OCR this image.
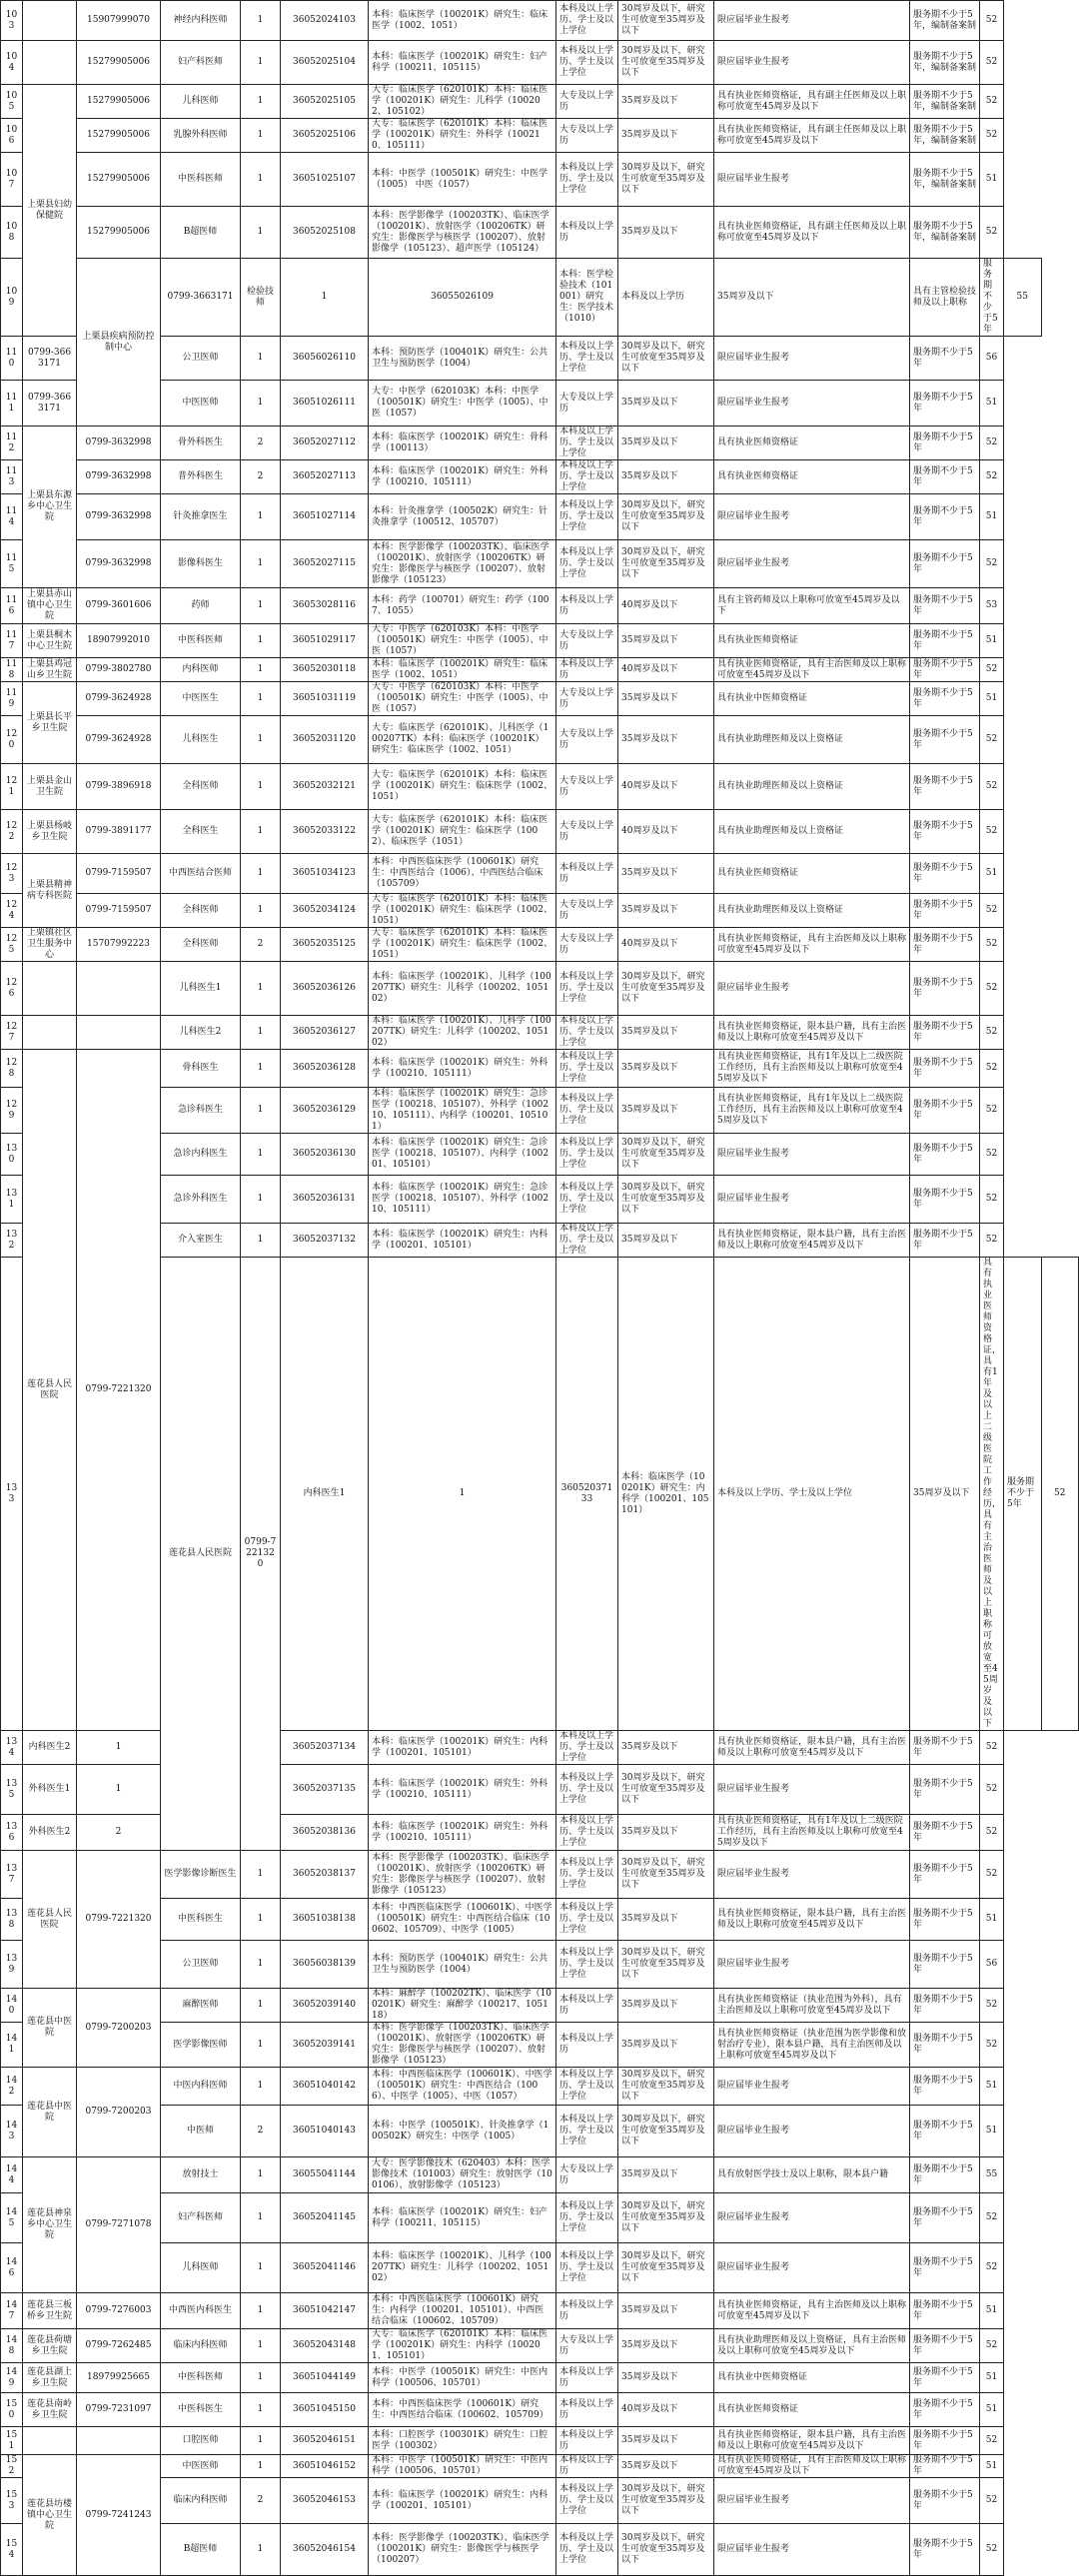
103		15907999070	神经内科医师	1	36052024103	本科：临床医学（100201K）研究生：临床医学（1002、1051）	本科及以上学历、学士及以上学位	30周岁及以下，研究生可放宽至35周岁及以下	限应届毕业生报考	服务期不少于5年，编制备案制	52		
104		15279905006	妇产科医师	1	36052025104	本科：临床医学（100201K）研究生：妇产科学（100211、105115）	本科及以上学历、学士及以上学位	30周岁及以下，研究生可放宽至35周岁及以下	限应届毕业生报考	服务期不少于5年，编制备案制	52		
105	上栗县妇幼保健院	15279905006	儿科医师	1	36052025105	大专：临床医学（620101K）本科：临床医学（100201K）研究生：儿科学（100202、105102）	大专及以上学历	35周岁及以下	具有执业医师资格证，具有副主任医师及以上职称可放宽至45周岁及以下	服务期不少于5年，编制备案制	52		
106		15279905006	乳腺外科医师	1	36052025106	大专：临床医学（620101K）本科：临床医学（100201K）研究生：外科学（100210、105111）	大专及以上学历	35周岁及以下	具有执业医师资格证，具有副主任医师及以上职称可放宽至45周岁及以下	服务期不少于5年，编制备案制	52		
107		15279905006	中医科医师	1	36051025107	本科：中医学（100501K）研究生：中医学（1005） 中医（1057）	本科及以上学历、学士及以上学位	30周岁及以下，研究生可放宽至35周岁及以下	限应届毕业生报考	服务期不少于5年，编制备案制	51		
108		15279905006	B超医师	1	36052025108	本科：医学影像学（100203TK）、临床医学（100201K）、放射医学（100206TK）研究生：影像医学与核医学（100207）、放射影像学（105123）、超声医学（105124）	本科及以上学历	35周岁及以下	具有执业医师资格证，具有副主任医师及以上职称可放宽至45周岁及以下	服务期不少于5年，编制备案制	52		
109		上栗县疾病预防控制中心	0799-3663171	检验技师	1	36055026109	本科：医学检验技术（101001）研究生：医学技术（1010）	本科及以上学历	35周岁及以下	具有主管检验技师及以上职称	服务期不少于5年	55	
110	0799-3663171		公卫医师	1	36056026110	本科：预防医学（100401K）研究生：公共卫生与预防医学（1004）	本科及以上学历、学士及以上学位	30周岁及以下，研究生可放宽至35周岁及以下	限应届毕业生报考	服务期不少于5年	56		
111	0799-3663171		中医医师	1	36051026111	大专：中医学（620103K）本科：中医学（100501K）研究生：中医学（1005）、中医（1057）	大专及以上学历	35周岁及以下	限应届毕业生报考	服务期不少于5年	51		
112	上栗县东源乡中心卫生院	0799-3632998	骨外科医生	2	36052027112	本科：临床医学（100201K）研究生：骨科学（100113）	本科及以上学历、学士及以上学位	35周岁及以下	具有执业医师资格证	服务期不少于5年	52		
113		0799-3632998	普外科医生	2	36052027113	本科：临床医学（100201K）研究生：外科学（100210、105111）	本科及以上学历、学士及以上学位	35周岁及以下	具有执业医师资格证	服务期不少于5年	52		
114		0799-3632998	针灸推拿医生	1	36051027114	本科：针灸推拿学（100502K）研究生：针灸推拿学（100512、105707）	本科及以上学历、学士及以上学位	30周岁及以下，研究生可放宽至35周岁及以下	限应届毕业生报考	服务期不少于5年	51		
115		0799-3632998	影像科医生	1	36052027115	本科：医学影像学（100203TK）、临床医学（100201K）、放射医学（100206TK）研究生：影像医学与核医学（100207）、放射影像学（105123）	本科及以上学历、学士及以上学位	30周岁及以下，研究生可放宽至35周岁及以下	限应届毕业生报考	服务期不少于5年	52		
116	上栗县赤山镇中心卫生院	0799-3601606	药师	1	36053028116	本科：药学（100701）研究生：药学（1007、1055）	本科及以上学历	40周岁及以下	具有主管药师及以上职称可放宽至45周岁及以下	服务期不少于5年	53		
117	上栗县桐木中心卫生院	18907992010	中医科医师	1	36051029117	大专：中医学（620103K）本科：中医学（100501K）研究生：中医学（1005）、中医（1057）	大专及以上学历	35周岁及以下	具有执业医师资格证	服务期不少于5年	51		
118	上栗县鸡冠山乡卫生院	0799-3802780	内科医师	1	36052030118	本科：临床医学（100201K）研究生：临床医学（1002、1051）	本科及以上学历	40周岁及以下	具有执业医师资格证，具有主治医师及以上职称可放宽至45周岁及以下	服务期不少于5年	52		
119	上栗县长平乡卫生院	0799-3624928	中医医生	1	36051031119	大专：中医学（620103K）本科：中医学（100501K）研究生：中医学（1005）、中医（1057）	大专及以上学历	35周岁及以下	具有执业中医师资格证	服务期不少于5年	51		
120		0799-3624928	儿科医生	1	36052031120	大专：临床医学（620101K）、儿科医学（100207TK）本科：临床医学（100201K）研究生：临床医学（1002、1051）	大专及以上学历	35周岁及以下	具有执业助理医师及以上资格证	服务期不少于5年	52		
121	上栗县金山卫生院	0799-3896918	全科医师	1	36052032121	大专：临床医学（620101K）本科：临床医学（100201K）研究生：临床医学（1002、1051）	大专及以上学历	40周岁及以下	具有执业助理医师及以上资格证	服务期不少于5年	52		
122	上栗县杨岐乡卫生院	0799-3891177	全科医生	1	36052033122	大专：临床医学（620101K）本科：临床医学（100201K）研究生：临床医学（1002）、临床医学（1051）	大专及以上学历	40周岁及以下	具有执业助理医师及以上资格证	服务期不少于5年	52		
123	上栗县精神病专科医院	0799-7159507	中西医结合医师	1	36051034123	本科：中西医临床医学（100601K）研究生：中西医结合（1006）、中西医结合临床（105709）	本科及以上学历	35周岁及以下	具有执业医师资格证	服务期不少于5年	51		
124		0799-7159507	全科医师	1	36052034124	大专：临床医学（620101K）本科：临床医学（100201K）研究生：临床医学（1002、1051）	大专及以上学历	35周岁及以下	具有执业助理医师及以上资格证	服务期不少于5年	52		
125	上栗镇社区卫生服务中心	15707992223	全科医师	2	36052035125	大专：临床医学（620101K）本科：临床医学（100201K）研究生：临床医学（1002、1051）	大专及以上学历	40周岁及以下	具有执业医师资格证，具有主治医师及以上职称可放宽至45周岁及以下	服务期不少于5年	52		
126			儿科医生1	1	36052036126	本科：临床医学（100201K）、儿科学（100207TK）研究生：儿科学（100202、105102）	本科及以上学历、学士及以上学位	30周岁及以下，研究生可放宽至35周岁及以下	限应届毕业生报考	服务期不少于5年	52		
127			儿科医生2	1	36052036127	本科：临床医学（100201K）、儿科学（100207TK）研究生：儿科学（100202、105102）	本科及以上学历、学士及以上学位	35周岁及以下	具有执业医师资格证，限本县户籍，具有主治医师及以上职称可放宽至45周岁及以下	服务期不少于5年	52		
128	莲花县人民医院	0799-7221320	骨科医生	1	36052036128	本科：临床医学（100201K）研究生：外科学（100210、105111）	本科及以上学历、学士及以上学位	35周岁及以下	具有执业医师资格证，具有1年及以上二级医院工作经历，具有主治医师及以上职称可放宽至45周岁及以下	服务期不少于5年	52		
129			急诊科医生	1	36052036129	本科：临床医学（100201K）研究生：急诊医学（100218、105107）、外科学（100210、105111）、内科学（100201、105101）	本科及以上学历、学士及以上学位	35周岁及以下	具有执业医师资格证，具有1年及以上二级医院工作经历，具有主治医师及以上职称可放宽至45周岁及以下	服务期不少于5年	52		
130			急诊内科医生	1	36052036130	本科：临床医学（100201K）研究生：急诊医学（100218、105107）、内科学（100201、105101）	本科及以上学历、学士及以上学位	30周岁及以下，研究生可放宽至35周岁及以下	限应届毕业生报考	服务期不少于5年	52		
131			急诊外科医生	1	36052036131	本科：临床医学（100201K）研究生：急诊医学（100218、105107）、外科学（100210、105111）	本科及以上学历、学士及以上学位	30周岁及以下，研究生可放宽至35周岁及以下	限应届毕业生报考	服务期不少于5年	52		
132			介入室医生	1	36052037132	本科：临床医学（100201K）研究生：内科学（100201、105101）	本科及以上学历、学士及以上学位	35周岁及以下	具有执业医师资格证，限本县户籍，具有主治医师及以上职称可放宽至45周岁及以下	服务期不少于5年	52		
133			莲花县人民医院	0799-7221320	内科医生1	1	36052037133	本科：临床医学（100201K）研究生：内科学（100201、105101）	本科及以上学历、学士及以上学位	35周岁及以下	具有执业医师资格证，具有1年及以上二级医院工作经历，具有主治医师及以上职称可放宽至45周岁及以下	服务期不少于5年	52
134	内科医生2	1			36052037134	本科：临床医学（100201K）研究生：内科学（100201、105101）	本科及以上学历、学士及以上学位	35周岁及以下	具有执业医师资格证，限本县户籍，具有主治医师及以上职称可放宽至45周岁及以下	服务期不少于5年	52		
135	外科医生1	1			36052037135	本科：临床医学（100201K）研究生：外科学（100210、105111）	本科及以上学历、学士及以上学位	30周岁及以下，研究生可放宽至35周岁及以下	限应届毕业生报考	服务期不少于5年	52		
136	外科医生2	2			36052038136	本科：临床医学（100201K）研究生：外科学（100210、105111）	本科及以上学历、学士及以上学位	35周岁及以下	具有执业医师资格证，具有1年及以上二级医院工作经历，具有主治医师及以上职称可放宽至45周岁及以下	服务期不少于5年	52		
137	莲花县人民医院	0799-7221320	医学影像诊断医生	1	36052038137	本科：医学影像学（100203TK）、临床医学（100201K）、放射医学（100206TK）研究生：影像医学与核医学（100207）、放射影像学（105123）	本科及以上学历、学士及以上学位	30周岁及以下，研究生可放宽至35周岁及以下	限应届毕业生报考	服务期不少于5年	52		
138			中医科医生	1	36051038138	本科：中西医临床医学（100601K）、中医学（100501K）研究生：中西医结合临床（100602、105709）、中医学（1005）	本科及以上学历、学士及以上学位	35周岁及以下	具有执业医师资格证，限本县户籍，具有主治医师及以上职称可放宽至45周岁及以下	服务期不少于5年	51		
139			公卫医师	1	36056038139	本科：预防医学（100401K）研究生：公共卫生与预防医学（1004）	本科及以上学历、学士及以上学位	30周岁及以下，研究生可放宽至35周岁及以下	限应届毕业生报考	服务期不少于5年	56		
140	莲花县中医院	0799-7200203	麻醉医师	1	36052039140	本科：麻醉学（100202TK）、临床医学（100201K）研究生：麻醉学（100217、105118）	本科及以上学历	35周岁及以下	具有执业医师资格证（执业范围为外科），具有主治医师及以上职称可放宽至45周岁及以下	服务期不少于5年	52		
141			医学影像医师	1	36052039141	本科：医学影像学（100203TK）、临床医学（100201K）、放射医学（100206TK）研究生：影像医学与核医学（100207）、放射影像学（105123）	本科及以上学历	35周岁及以下	具有执业医师资格证（执业范围为医学影像和放射治疗专业），限本县户籍，具有主治医师及以上职称可放宽至45周岁及以下	服务期不少于5年	52		
142	莲花县中医院	0799-7200203	中医内科医师	1	36051040142	本科：中西医临床医学（100601K）、中医学（100501K）研究生：中西医结合（1006）、中医学（1005）、中医（1057）	本科及以上学历、学士及以上学位	30周岁及以下，研究生可放宽至35周岁及以下	限应届毕业生报考	服务期不少于5年	51		
143			中医师	2	36051040143	本科：中医学（100501K）、针灸推拿学（100502K）研究生：中医学（1005）	本科及以上学历、学士及以上学位	30周岁及以下，研究生可放宽至35周岁及以下	限应届毕业生报考	服务期不少于5年	51		
144	莲花县神泉乡中心卫生院	0799-7271078	放射技士	1	36055041144	大专：医学影像技术（620403）本科：医学影像技术（101003）研究生：放射医学（100106）、放射影像学（105123）	大专及以上学历	35周岁及以下	具有放射医学技士及以上职称，限本县户籍	服务期不少于5年	55		
145			妇产科医师	1	36052041145	本科：临床医学（100201K）研究生：妇产科学（100211、105115）	本科及以上学历、学士及以上学位	30周岁及以下，研究生可放宽至35周岁及以下	限应届毕业生报考	服务期不少于5年	52		
146			儿科医师	1	36052041146	本科：临床医学（100201K）、儿科学（100207TK）研究生：儿科学（100202、105102）	本科及以上学历、学士及以上学位	30周岁及以下，研究生可放宽至35周岁及以下	限应届毕业生报考	服务期不少于5年	52		
147	莲花县三板桥乡卫生院	0799-7276003	中西医内科医生	1	36051042147	本科：中西医临床医学（100601K）研究生：内科学（100201、105101）、中西医结合临床（100602、105709）	本科及以上学历	35周岁及以下	具有执业医师资格证，具有主治医师及以上职称可放宽至45周岁及以下	服务期不少于5年	51		
148	莲花县荷塘乡卫生院	0799-7262485	临床内科医师	1	36052043148	大专：临床医学（620101K）本科：临床医学（100201K）研究生：内科学（100201、105101）	大专及以上学历	35周岁及以下	具有执业助理医师及以上资格证，具有主治医师及以上职称可放宽至45周岁及以下	服务期不少于5年	52		
149	莲花县湖上乡卫生院	18979925665	中医科医师	1	36051044149	本科：中医学（100501K）研究生：中医内科学（100506、105701）	本科及以上学历	35周岁及以下	具有执业中医师资格证	服务期不少于5年	51		
150	莲花县南岭乡卫生院	0799-7231097	中医科医生	1	36051045150	本科：中西医临床医学（100601K）研究生：中西医结合临床（100602、105709）	本科及以上学历	40周岁及以下	具有执业医师资格证	服务期不少于5年	51		
151			口腔医师	1	36052046151	本科：口腔医学（100301K）研究生：口腔医学（100302）	本科及以上学历	35周岁及以下	具有执业医师资格证，限本县户籍，具有主治医师及以上职称可放宽至45周岁及以下	服务期不少于5年	52		
152	莲花县坊楼镇中心卫生院	0799-7241243	中医医师	1	36051046152	本科：中医学（100501K）研究生：中医内科学（100506、105701）	本科及以上学历	35周岁及以下	具有执业医师资格证，具有主治医师及以上职称可放宽至45周岁及以下	服务期不少于5年	51		
153			临床内科医师	2	36052046153	本科：临床医学（100201K）研究生：内科学（100201、105101）	本科及以上学历、学士及以上学位	30周岁及以下，研究生可放宽至35周岁及以下	限应届毕业生报考	服务期不少于5年	52		
154			B超医师	1	36052046154	本科：医学影像学（100203TK）、临床医学（100201K）研究生：影像医学与核医学（100207）	本科及以上学历、学士及以上学位	30周岁及以下，研究生可放宽至35周岁及以下	限应届毕业生报考	服务期不少于5年	52		
